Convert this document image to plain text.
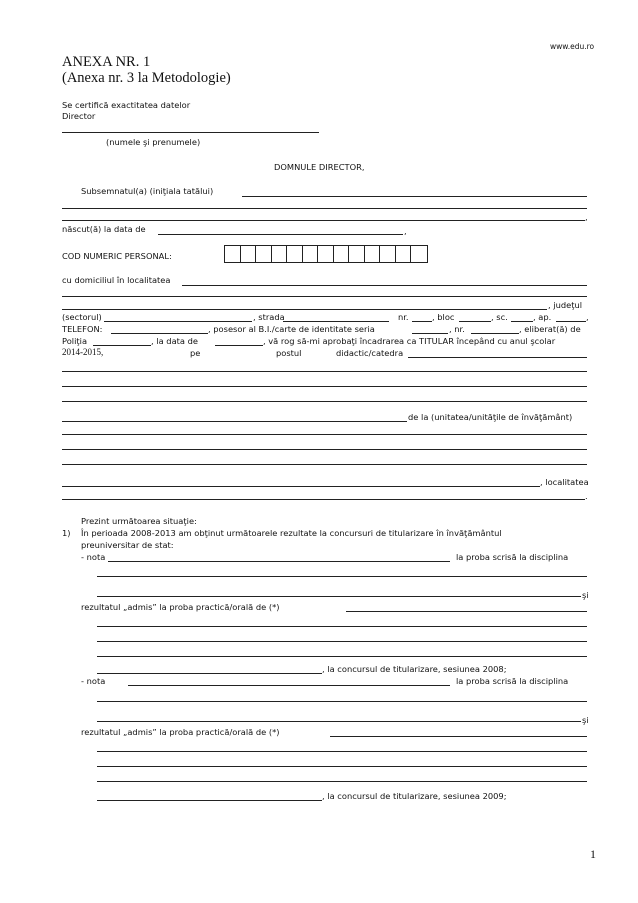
www.edu.ro
ANEXA NR. 1
(Anexa nr. 3 la Metodologie)
Se certifică exactitatea datelor
Director
(numele şi prenumele)
DOMNULE DIRECTOR,
Subsemnatul(a) (iniţiala tatălui)
,
născut(ă) la data de	,
COD NUMERIC PERSONAL:
cu domiciliul în localitatea
, judeţul
(sectorul)	, strada	nr.	, bloc	, sc.	, ap.	,
TELEFON:	, posesor al B.I./carte de identitate seria	, nr.	, eliberat(ă) de
Poliţia	, la data de	, vă rog să-mi aprobaţi încadrarea ca TITULAR începând cu anul şcolar
2014-2015,	pe	postul	didactic/catedra
de la (unitatea/unităţile de învăţământ)
, localitatea
.
Prezint următoarea situaţie:
1) În perioada 2008-2013 am obţinut următoarele rezultate la concursuri de titularizare în învăţământul
preuniversitar de stat:
- nota	la proba scrisă la disciplina
şi
rezultatul „admis” la proba practică/orală de (*)
, la concursul de titularizare, sesiunea 2008;
- nota	la proba scrisă la disciplina
şi
rezultatul „admis” la proba practică/orală de (*)
, la concursul de titularizare, sesiunea 2009;
1
